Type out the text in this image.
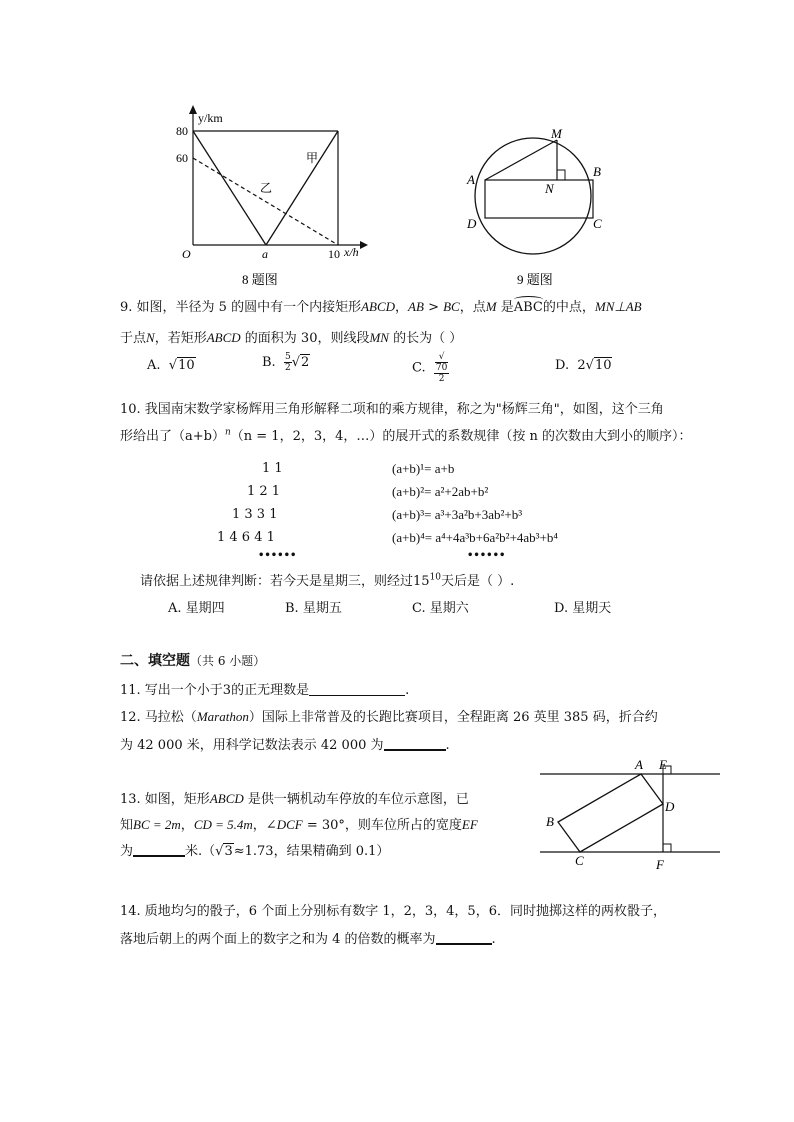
y/km
80
60
O	a	10 x/h
甲
乙
8 题图
M
A
B
N
D	C
9 题图
9. 如图，半径为 5 的圆中有一个内接矩形ABCD，AB > BC，点M 是
ABC的中点，MN⊥AB
于点N，若矩形ABCD 的面积为 30，则线段MN 的长为（ ）
A.  √10	B. $\frac{5}{2} √2$	C. √
70
2	D. 2√10
10. 我国南宋数学家杨辉用三角形解释二项和的乘方规律，称之为"杨辉三角"，如图，这个三角
形给出了$(a+b)^n(n = 1$，2，3，4，…）的展开式的系数规律（按 n 的次数由大到小的顺序）：
1 1
1 2 1
1 3 3 1
1 4 6 4 1
••••••
(a+b)¹= a+b
(a+b)²= a²+2ab+b²
(a+b)³= a³+3a²b+3ab²+b³
(a+b)⁴= a⁴+4a³b+6a²b²+4ab³+b⁴
••••••
请依据上述规律判断：若今天是星期三，则经过$15^{10}$天后是（ ）.
A. 星期四	B. 星期五	C. 星期六	D. 星期天
二、填空题（共 6 小题）
11. 写出一个小于3的正无理数是	.
12. 马拉松（Marathon）国际上非常普及的长跑比赛项目，全程距离 26 英里 385 码，折合约
为 42 000 米，用科学记数法表示 42 000 为	.
13. 如图，矩形ABCD 是供一辆机动车停放的车位示意图，已
知BC = 2m，CD = 5.4m，∠DCF = 30°，则车位所占的宽度EF
为	米.（√3≈1.73，结果精确到 0.1）
A E
D
B
C	F
14. 质地均匀的骰子，6 个面上分别标有数字 1，2，3，4，5，6．同时抛掷这样的两枚骰子，
落地后朝上的两个面上的数字之和为 4 的倍数的概率为	.
